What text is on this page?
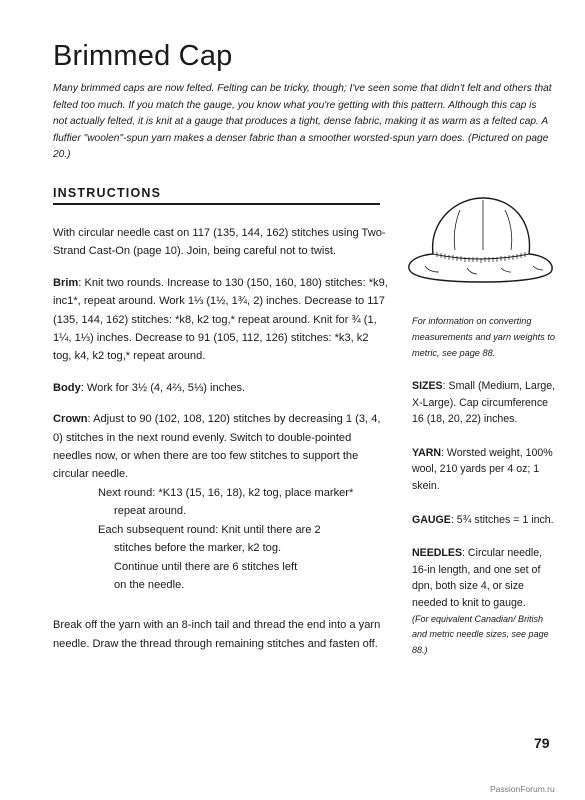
Brimmed Cap

Many brimmed caps are now felted. Felting can be tricky, though; I've seen some that didn't felt and others that felted too much. If you match the gauge, you know what you're getting with this pattern. Although this cap is not actually felted, it is knit at a gauge that produces a tight, dense fabric, making it as warm as a felted cap. A fluffier "woolen"-spun yarn makes a denser fabric than a smoother worsted-spun yarn does. (Pictured on page 20.)

INSTRUCTIONS

With circular needle cast on 117 (135, 144, 162) stitches using Two-Strand Cast-On (page 10). Join, being careful not to twist.

Brim: Knit two rounds. Increase to 130 (150, 160, 180) stitches: *k9, inc1*, repeat around. Work 1⅓ (1½, 1¾, 2) inches. Decrease to 117 (135, 144, 162) stitches: *k8, k2 tog,* repeat around. Knit for ¾ (1, 1¼, 1⅓) inches. Decrease to 91 (105, 112, 126) stitches: *k3, k2 tog, k4, k2 tog,* repeat around.

Body: Work for 3½ (4, 4⅔, 5⅓) inches.

Crown: Adjust to 90 (102, 108, 120) stitches by decreasing 1 (3, 4, 0) stitches in the next round evenly. Switch to double-pointed needles now, or when there are too few stitches to support the circular needle.

Next round: *K13 (15, 16, 18), k2 tog, place marker*

repeat around.

Each subsequent round: Knit until there are 2

stitches before the marker, k2 tog.

Continue until there are 6 stitches left

on the needle.

Break off the yarn with an 8-inch tail and thread the end into a yarn needle. Draw the thread through remaining stitches and fasten off.

For information on converting measurements and yarn weights to metric, see page 88.

SIZES: Small (Medium, Large, X-Large). Cap circumference 16 (18, 20, 22) inches.

YARN: Worsted weight, 100% wool, 210 yards per 4 oz; 1 skein.

GAUGE: 5¾ stitches = 1 inch.

NEEDLES: Circular needle, 16-in length, and one set of dpn, both size 4, or size needed to knit to gauge.
(For equivalent Canadian/ British and metric needle sizes, see page 88.)

79
PassionForum.ru
